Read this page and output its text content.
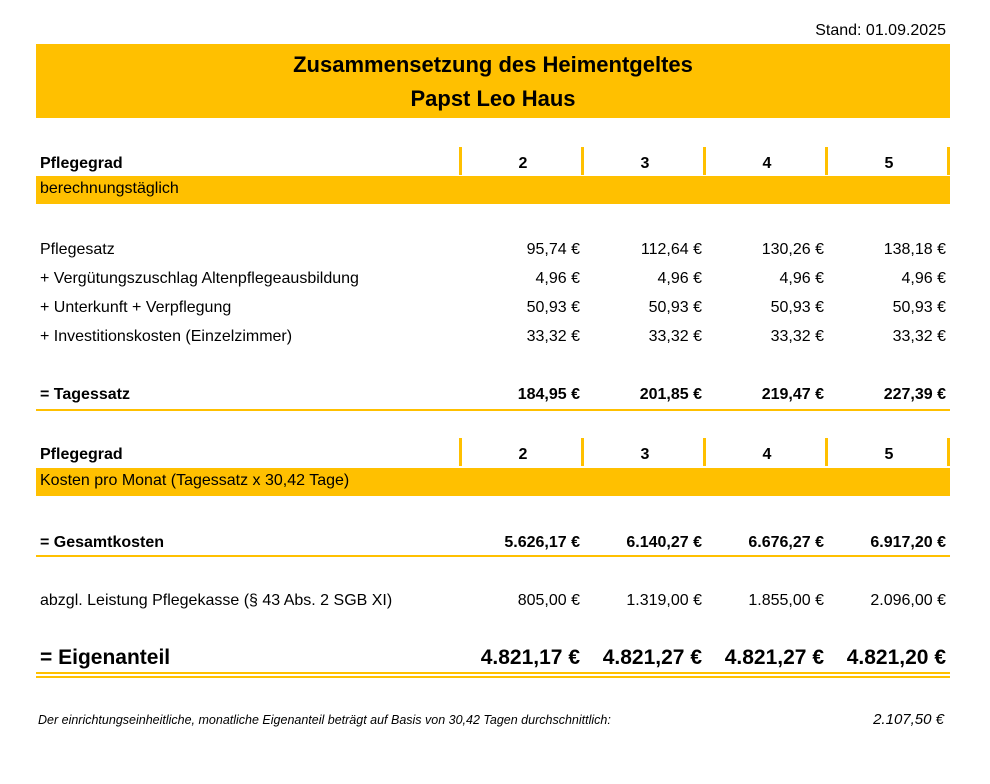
Stand: 01.09.2025
Zusammensetzung des Heimentgeltes
Papst Leo Haus
Pflegegrad	2	3	4	5
berechnungstäglich
Pflegesatz	95,74 €	112,64 €	130,26 €	138,18 €
+ Vergütungszuschlag Altenpflegeausbildung	4,96 €	4,96 €	4,96 €	4,96 €
+ Unterkunft + Verpflegung	50,93 €	50,93 €	50,93 €	50,93 €
+ Investitionskosten (Einzelzimmer)	33,32 €	33,32 €	33,32 €	33,32 €
= Tagessatz	184,95 €	201,85 €	219,47 €	227,39 €
Pflegegrad	2	3	4	5
Kosten pro Monat (Tagessatz x 30,42 Tage)
= Gesamtkosten	5.626,17 €	6.140,27 €	6.676,27 €	6.917,20 €
abzgl. Leistung Pflegekasse (§ 43 Abs. 2 SGB XI)	805,00 €	1.319,00 €	1.855,00 €	2.096,00 €
= Eigenanteil	4.821,17 €	4.821,27 €	4.821,27 €	4.821,20 €
Der einrichtungseinheitliche, monatliche Eigenanteil beträgt auf Basis von 30,42 Tagen durchschnittlich:	2.107,50 €
